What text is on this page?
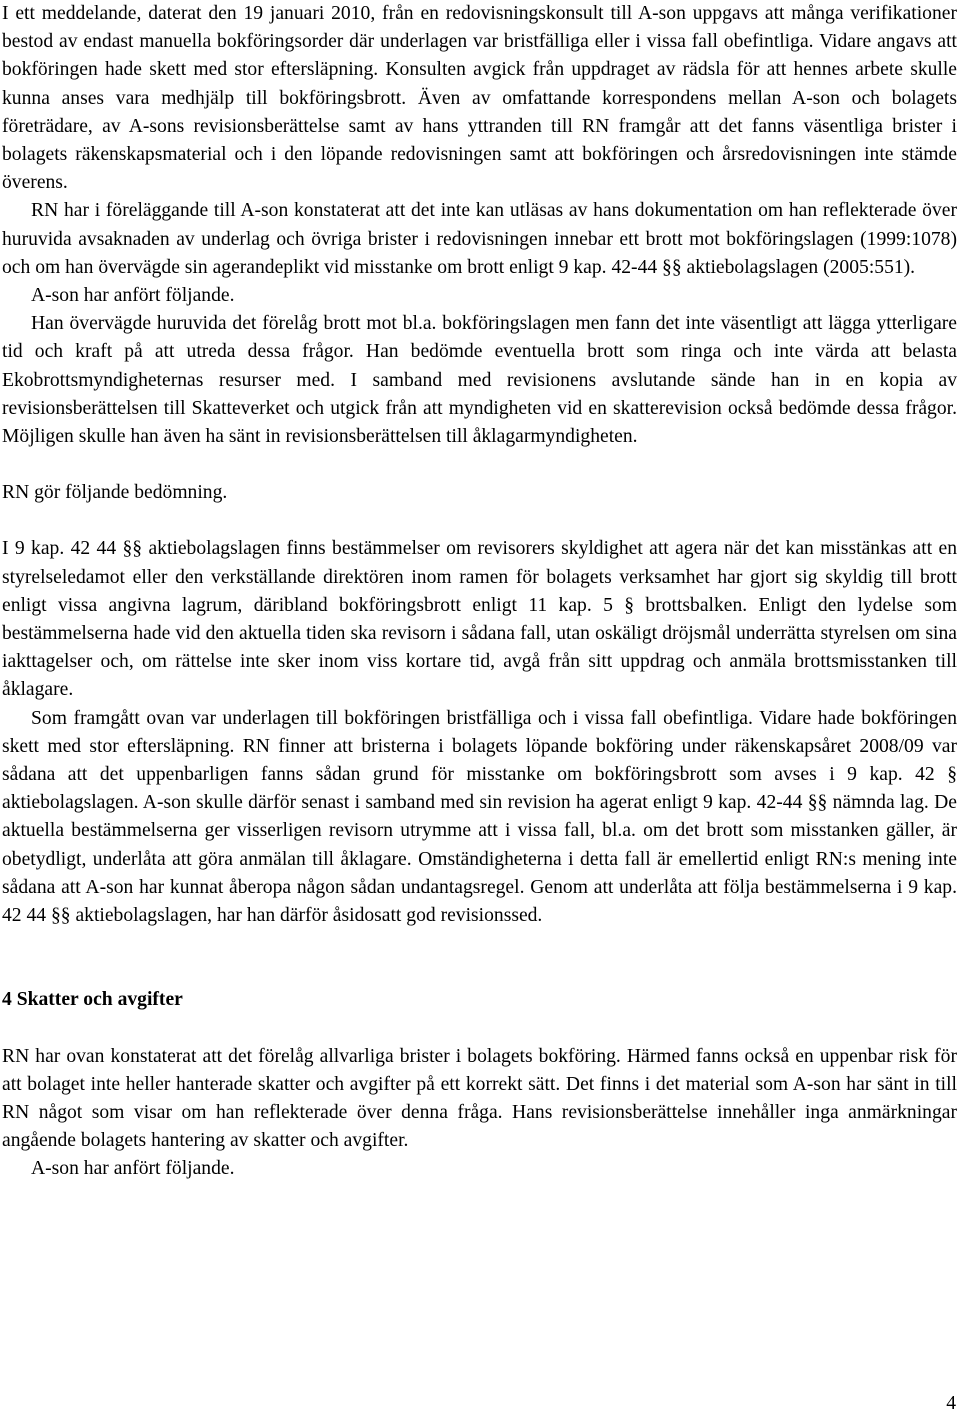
I ett meddelande, daterat den 19 januari 2010, från en redovisningskonsult till A-son uppgavs att många verifikationer bestod av endast manuella bokföringsorder där underlagen var bristfälliga eller i vissa fall obefintliga. Vidare angavs att bokföringen hade skett med stor eftersläpning. Konsulten avgick från uppdraget av rädsla för att hennes arbete skulle kunna anses vara medhjälp till bokföringsbrott. Även av omfattande korrespondens mellan A-son och bolagets företrädare, av A-sons revisionsberättelse samt av hans yttranden till RN framgår att det fanns väsentliga brister i bolagets räkenskapsmaterial och i den löpande redovisningen samt att bokföringen och årsredovisningen inte stämde överens.

RN har i föreläggande till A-son konstaterat att det inte kan utläsas av hans dokumentation om han reflekterade över huruvida avsaknaden av underlag och övriga brister i redovisningen innebar ett brott mot bokföringslagen (1999:1078) och om han övervägde sin agerandeplikt vid misstanke om brott enligt 9 kap. 42-44 §§ aktiebolagslagen (2005:551).

A-son har anfört följande.

Han övervägde huruvida det förelåg brott mot bl.a. bokföringslagen men fann det inte väsentligt att lägga ytterligare tid och kraft på att utreda dessa frågor. Han bedömde eventuella brott som ringa och inte värda att belasta Ekobrottsmyndigheternas resurser med. I samband med revisionens avslutande sände han in en kopia av revisionsberättelsen till Skatteverket och utgick från att myndigheten vid en skatterevision också bedömde dessa frågor. Möjligen skulle han även ha sänt in revisionsberättelsen till åklagarmyndigheten.

RN gör följande bedömning.

I 9 kap. 42 44 §§ aktiebolagslagen finns bestämmelser om revisorers skyldighet att agera när det kan misstänkas att en styrelseledamot eller den verkställande direktören inom ramen för bolagets verksamhet har gjort sig skyldig till brott enligt vissa angivna lagrum, däribland bokföringsbrott enligt 11 kap. 5 § brottsbalken. Enligt den lydelse som bestämmelserna hade vid den aktuella tiden ska revisorn i sådana fall, utan oskäligt dröjsmål underrätta styrelsen om sina iakttagelser och, om rättelse inte sker inom viss kortare tid, avgå från sitt uppdrag och anmäla brottsmisstanken till åklagare.

Som framgått ovan var underlagen till bokföringen bristfälliga och i vissa fall obefintliga. Vidare hade bokföringen skett med stor eftersläpning. RN finner att bristerna i bolagets löpande bokföring under räkenskapsåret 2008/09 var sådana att det uppenbarligen fanns sådan grund för misstanke om bokföringsbrott som avses i 9 kap. 42 § aktiebolagslagen. A-son skulle därför senast i samband med sin revision ha agerat enligt 9 kap. 42-44 §§ nämnda lag. De aktuella bestämmelserna ger visserligen revisorn utrymme att i vissa fall, bl.a. om det brott som misstanken gäller, är obetydligt, underlåta att göra anmälan till åklagare. Omständigheterna i detta fall är emellertid enligt RN:s mening inte sådana att A-son har kunnat åberopa någon sådan undantagsregel. Genom att underlåta att följa bestämmelserna i 9 kap. 42 44 §§ aktiebolagslagen, har han därför åsidosatt god revisionssed.

4 Skatter och avgifter

RN har ovan konstaterat att det förelåg allvarliga brister i bolagets bokföring. Härmed fanns också en uppenbar risk för att bolaget inte heller hanterade skatter och avgifter på ett korrekt sätt. Det finns i det material som A-son har sänt in till RN något som visar om han reflekterade över denna fråga. Hans revisionsberättelse innehåller inga anmärkningar angående bolagets hantering av skatter och avgifter.

A-son har anfört följande.

4
